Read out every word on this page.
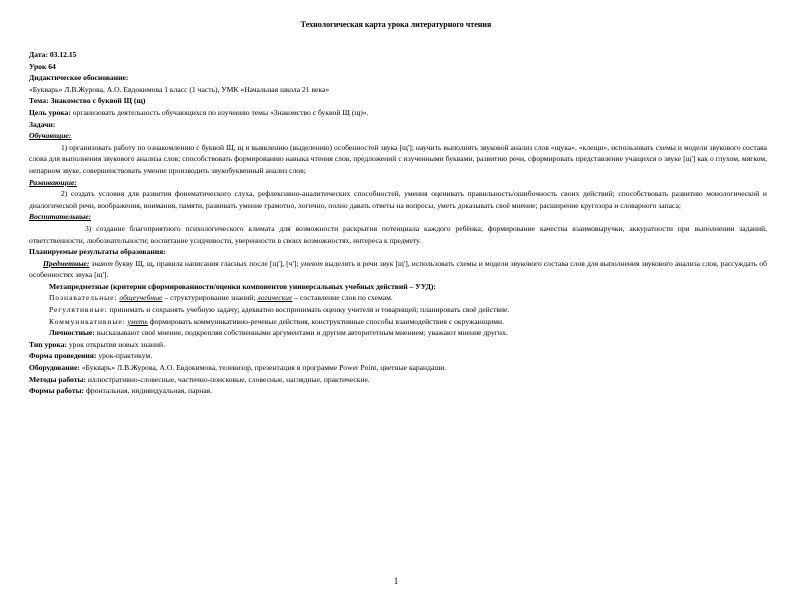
Технологическая карта урока литературного чтения

Дата: 03.12.15

Урок 64

Дидактическое обоснование:

«Букварь» Л.В.Журова, А.О. Евдокимова 1 класс (1 часть), УМК «Начальная школа 21 века»

Тема: Знакомство с буквой Щ (щ)

Цель урока: организовать деятельность обучающихся по изучению темы «Знакомство с буквой Щ (щ)».

Задачи:

Обучающие:

1) организовать работу по ознакомлению с буквой Щ, щ и выявлению (выделению) особенностей звука [щ']; научить выполнять звуковой анализ слов «щука», «клещи», использовать схемы и модели звукового состава слова для выполнения звукового анализа слов; способствовать формированию навыка чтения слов, предложений с изученными буквами, развитию речи, сформировать представление учащихся о звуке [щ'] как о глухом, мягком, непарном звуке, совершенствовать умение производить звукобуквенный анализ слов;

Развивающие:

2) создать условия для развития фонематического слуха, рефлексивно-аналитических способностей, умения оценивать правильность/ошибочность своих действий; способствовать развитию монологической и диалогической речи, воображения, внимания, памяти, развивать умение грамотно, логично, полно давать ответы на вопросы, уметь доказывать своё мнение; расширение кругозора и словарного запаса;

Воспитательные:

3) создание благоприятного психологического климата для возможности раскрытия потенциала каждого ребёнка; формирование качества взаимовыручки, аккуратности при выполнении заданий, ответственности, любознательности; воспитание усидчивости, уверенности в своих возможностях, интереса к предмету.

Планируемые результаты образования:

Предметные: знают букву Щ, щ, правила написания гласных после [щ'], [ч']; умеют выделять в речи звук [щ'], использовать схемы и модели звукового состава слов для выполнения звукового анализа слов, рассуждать об особенностях звука [щ'].

Метапредметные (критерии сформированности/оценки компонентов универсальных учебных действий – УУД):

Познавательные: общеучебные – структурирование знаний; логические – составление слов по схемам.

Регулятивные: принимать и сохранять учебную задачу; адекватно воспринимать оценку учителя и товарищей; планировать своё действие.

Коммуникативные: уметь формировать коммуникативно-речевые действия, конструктивные способы взаимодействия с окружающими.

Личностные: высказывают своё мнение, подкрепляя собственными аргументами и другим авторитетным мнением; уважают мнение других.

Тип урока: урок открытия новых знаний.

Форма проведения: урок-практикум.

Оборудование: «Букварь» Л.В.Журова, А.О. Евдокимова, телевизор, презентация в программе Power Point, цветные карандаши.

Методы работы: иллюстративно-словесные, частично-поисковые, словесные, наглядные, практические.

Формы работы: фронтальная, индивидуальная, парная.

1
